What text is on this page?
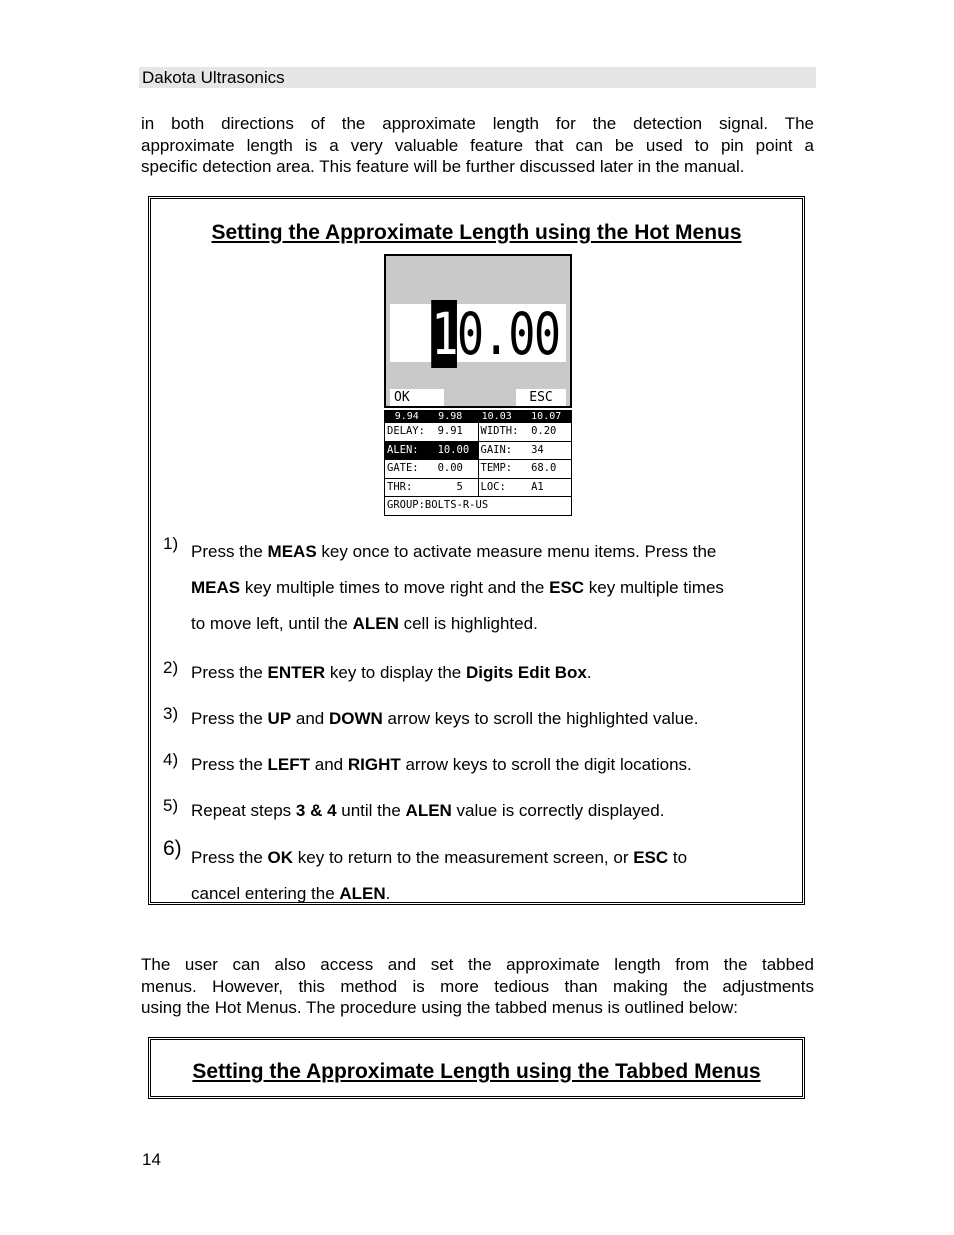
Dakota Ultrasonics
in both directions of the approximate length for the detection signal. The
approximate length is a very valuable feature that can be used to pin point a
specific detection area. This feature will be further discussed later in the manual.
Setting the Approximate Length using the Hot Menus
10.00
OK	ESC
9.94 9.98 10.03 10.07
DELAY:  9.91	WIDTH:  0.20
ALEN:   10.00	GAIN:   34
GATE:   0.00	TEMP:   68.0
THR:       5	LOC:    A1
GROUP:BOLTS-R-US
1) Press the MEAS key once to activate measure menu items. Press the
MEAS key multiple times to move right and the ESC key multiple times
to move left, until the ALEN cell is highlighted.
2) Press the ENTER key to display the Digits Edit Box.
3) Press the UP and DOWN arrow keys to scroll the highlighted value.
4) Press the LEFT and RIGHT arrow keys to scroll the digit locations.
5) Repeat steps 3 & 4 until the ALEN value is correctly displayed.
6) Press the OK key to return to the measurement screen, or ESC to
cancel entering the ALEN.
The user can also access and set the approximate length from the tabbed
menus. However, this method is more tedious than making the adjustments
using the Hot Menus. The procedure using the tabbed menus is outlined below:
Setting the Approximate Length using the Tabbed Menus
14
